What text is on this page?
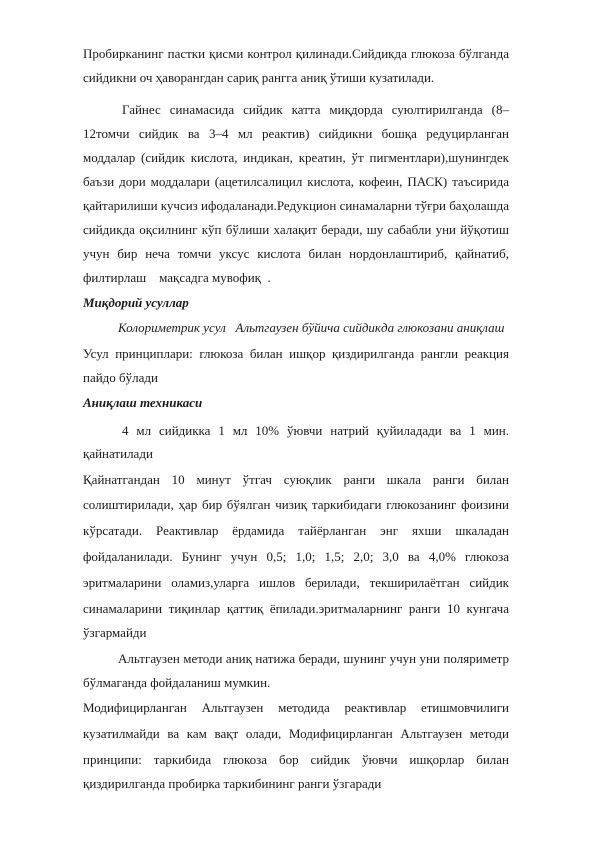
Пробирканинг пастки қисми контрол қилинади.Сийдикда глюкоза бўлганда
сийдикни оч ҳаворангдан сариқ рангга аниқ ўтиши кузатилади.
Гайнес синамасида сийдик катта миқдорда суюлтирилганда (8–
12томчи сийдик ва 3–4 мл реактив) сийдикни бошқа редуцирланган
моддалар (сийдик кислота, индикан, креатин, ўт пигментлари),шунингдек
баъзи дори моддалари (ацетилсалицил кислота, кофеин, ПАСК) таъсирида
қайтарилиши кучсиз ифодаланади.Редукцион синамаларни тўғри баҳолашда
сийдикда оқсилнинг кўп бўлиши халақит беради, шу сабабли уни йўқотиш
учун бир неча томчи уксус кислота билан нордонлаштириб, қайнатиб,
филтирлаш    мақсадга мувофиқ  .
Миқдорий усуллар
Колориметрик усул   Альтгаузен бўйича сийдикда глюкозани аниқлаш
Усул принциплари: глюкоза билан ишқор қиздирилганда рангли реакция
пайдо бўлади
Аниқлаш техникаси
4 мл сийдикка 1 мл 10% ўювчи натрий қуйиладади ва 1 мин.
қайнатилади
Қайнатгандан 10 минут ўтгач суюқлик ранги шкала ранги билан
солиштирилади, ҳар бир бўялган чизиқ таркибидаги глюкозанинг фоизини
кўрсатади. Реактивлар ёрдамида тайёрланган энг яхши шкаладан
фойдаланилади. Бунинг учун 0,5; 1,0; 1,5; 2,0; 3,0 ва 4,0% глюкоза
эритмаларини оламиз,уларга ишлов берилади, текширилаётган сийдик
синамаларини тиқинлар қаттиқ ёпилади.эритмаларнинг ранги 10 кунгача
ўзгармайди
Альтгаузен методи аниқ натижа беради, шунинг учун уни поляриметр
бўлмаганда фойдаланиш мумкин.
Модифицирланган Альтгаузен методида реактивлар етишмовчилиги
кузатилмайди ва кам вақт олади, Модифицирланган Альтгаузен методи
принципи: таркибида глюкоза бор сийдик ўювчи ишқорлар билан
қиздирилганда пробирка таркибининг ранги ўзгаради
